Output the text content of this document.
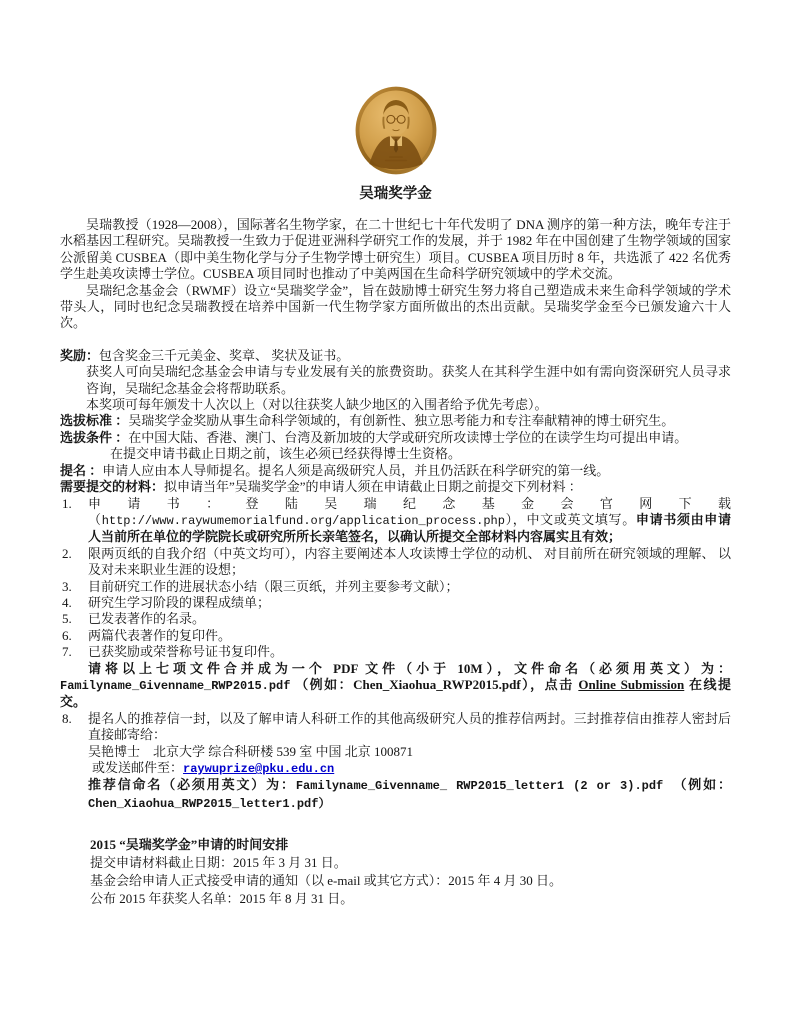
吴瑞奖学金

吴瑞教授（1928—2008），国际著名生物学家，在二十世纪七十年代发明了 DNA 测序的第一种方法，晚年专注于水稻基因工程研究。吴瑞教授一生致力于促进亚洲科学研究工作的发展，并于 1982 年在中国创建了生物学领域的国家公派留美 CUSBEA（即中美生物化学与分子生物学博士研究生）项目。CUSBEA 项目历时 8 年，共选派了 422 名优秀学生赴美攻读博士学位。CUSBEA 项目同时也推动了中美两国在生命科学研究领域中的学术交流。

吴瑞纪念基金会（RWMF）设立“吴瑞奖学金”，旨在鼓励博士研究生努力将自己塑造成未来生命科学领域的学术带头人，同时也纪念吴瑞教授在培养中国新一代生物学家方面所做出的杰出贡献。吴瑞奖学金至今已颁发逾六十人次。

奖励：包含奖金三千元美金、奖章、 奖状及证书。

获奖人可向吴瑞纪念基金会申请与专业发展有关的旅费资助。获奖人在其科学生涯中如有需向资深研究人员寻求咨询，吴瑞纪念基金会将帮助联系。

本奖项可每年颁发十人次以上（对以往获奖人缺少地区的入围者给予优先考虑）。

选拔标准 ：吴瑞奖学金奖励从事生命科学领域的，有创新性、独立思考能力和专注奉献精神的博士研究生。

选拔条件 ：在中国大陆、香港、澳门、台湾及新加坡的大学或研究所攻读博士学位的在读学生均可提出申请。

在提交申请书截止日期之前，该生必须已经获得博士生资格。

提名 ：申请人应由本人导师提名。提名人须是高级研究人员，并且仍活跃在科学研究的第一线。

需要提交的材料：拟申请当年”吴瑞奖学金”的申请人须在申请截止日期之前提交下列材料 ：

1. 申请书：登陆吴瑞纪念基金会官网下载（http://www.raywumemorialfund.org/application_process.php），中文或英文填写。申请书须由申请人当前所在单位的学院院长或研究所所长亲笔签名，以确认所提交全部材料内容属实且有效；

2. 限两页纸的自我介绍（中英文均可），内容主要阐述本人攻读博士学位的动机、 对目前所在研究领域的理解、 以及对未来职业生涯的设想；

3. 目前研究工作的进展状态小结（限三页纸，并列主要参考文献）；

4. 研究生学习阶段的课程成绩单；

5. 已发表著作的名录。

6. 两篇代表著作的复印件。

7. 已获奖励或荣誉称号证书复印件。

请将以上七项文件合并成为一个 PDF 文件（小于 10M），文件命名（必须用英文）为：Familyname_Givenname_RWP2015.pdf （例如：Chen_Xiaohua_RWP2015.pdf），点击 Online Submission 在线提交。

8. 提名人的推荐信一封，以及了解申请人科研工作的其他高级研究人员的推荐信两封。三封推荐信由推荐人密封后直接邮寄给：

吴艳博士　北京大学 综合科研楼 539 室 中国 北京 100871

或发送邮件至：raywuprize@pku.edu.cn

推荐信命名（必须用英文）为：Familyname_Givenname_ RWP2015_letter1 (2 or 3).pdf　（例如：Chen_Xiaohua_RWP2015_letter1.pdf）

2015 “吴瑞奖学金”申请的时间安排

提交申请材料截止日期：2015 年 3 月 31 日。

基金会给申请人正式接受申请的通知（以 e-mail 或其它方式）：2015 年 4 月 30 日。

公布 2015 年获奖人名单：2015 年 8 月 31 日。
